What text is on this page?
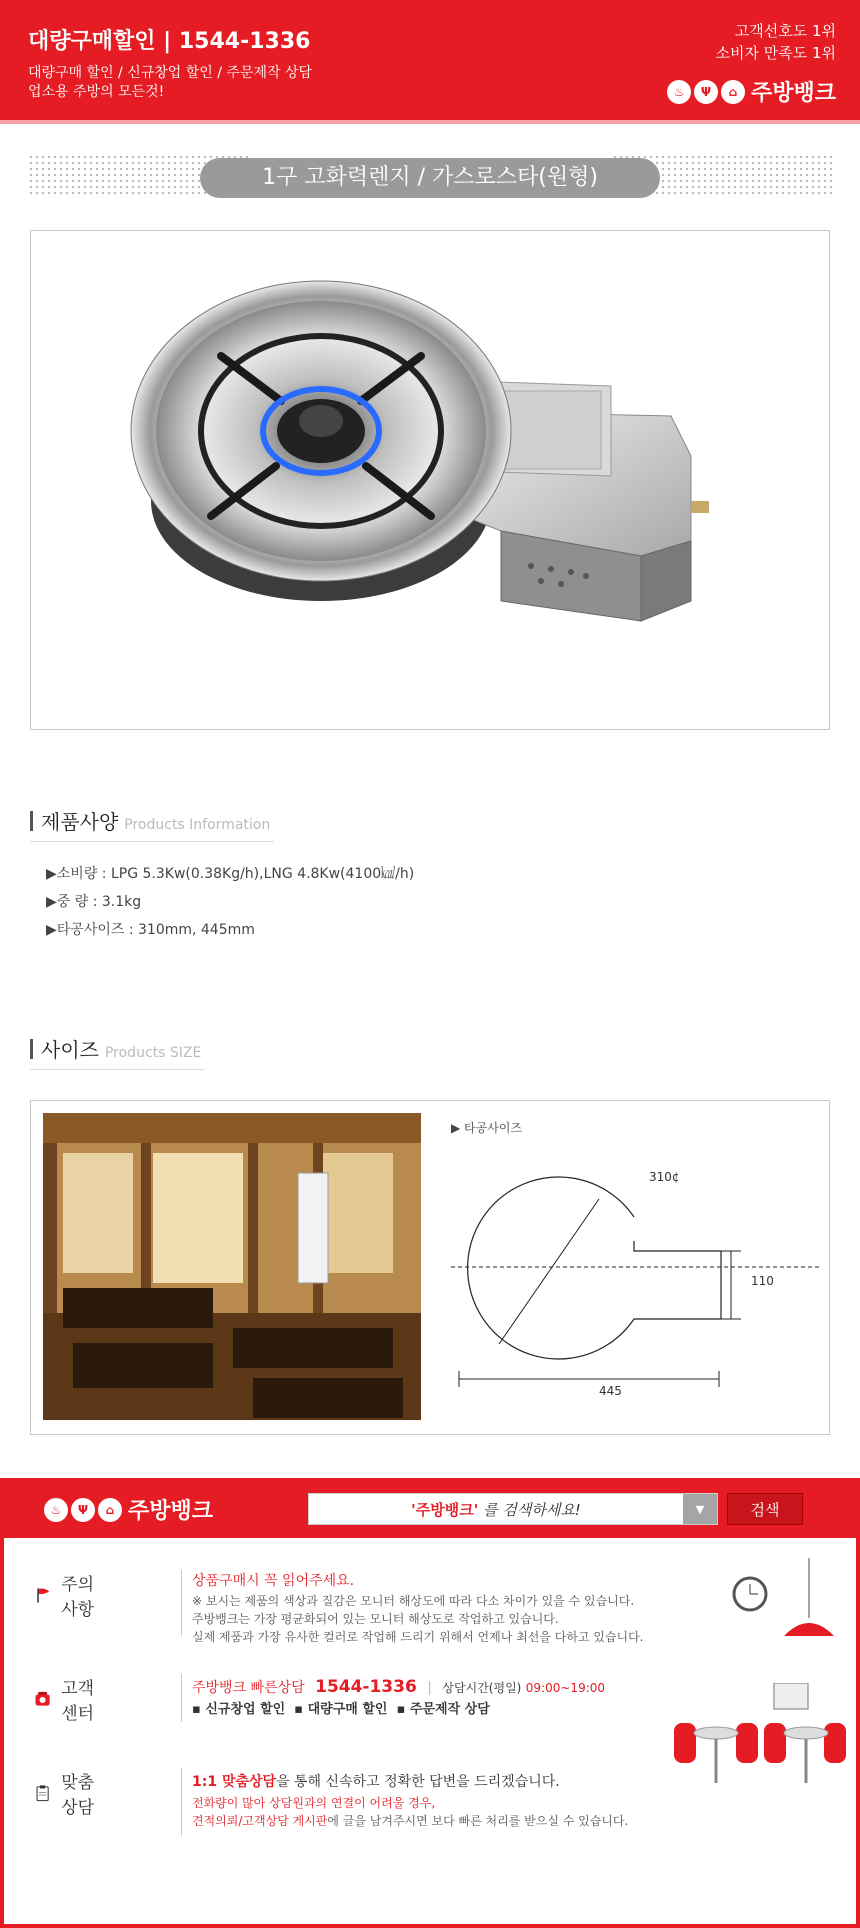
대량구매할인 | 1544-1336
대량구매 할인 / 신규창업 할인 / 주문제작 상담
업소용 주방의 모든것!
고객선호도 1위
소비자 만족도 1위
♨	Ψ	⌂ 주방뱅크
1구 고화력렌지 / 가스로스타(원형)
제품사양 Products Information
▶소비량 : LPG 5.3Kw(0.38Kg/h),LNG 4.8Kw(4100㎉/h)
▶중 량 : 3.1kg
▶타공사이즈 : 310mm, 445mm
사이즈 Products SIZE
▶ 타공사이즈
310¢
110
445
♨	Ψ	⌂ 주방뱅크	'주방뱅크' 를 검색하세요!	▼	검색
주의사항
상품구매시 꼭 읽어주세요.
※ 보시는 제품의 색상과 질감은 모니터 해상도에 따라 다소 차이가 있을 수 있습니다.
주방뱅크는 가장 평균화되어 있는 모니터 해상도로 작업하고 있습니다.
실제 제품과 가장 유사한 컬러로 작업해 드리기 위해서 언제나 최선을 다하고 있습니다.
고객센터
주방뱅크 빠른상담 1544-1336 | 상담시간(평일) 09:00~19:00
▪ 신규창업 할인 ▪ 대량구매 할인 ▪ 주문제작 상담
맞춤상담
1:1 맞춤상담을 통해 신속하고 정확한 답변을 드리겠습니다.
전화량이 많아 상담원과의 연결이 어려울 경우,
견적의뢰/고객상담 게시판에 글을 남겨주시면 보다 빠른 처리를 받으실 수 있습니다.
